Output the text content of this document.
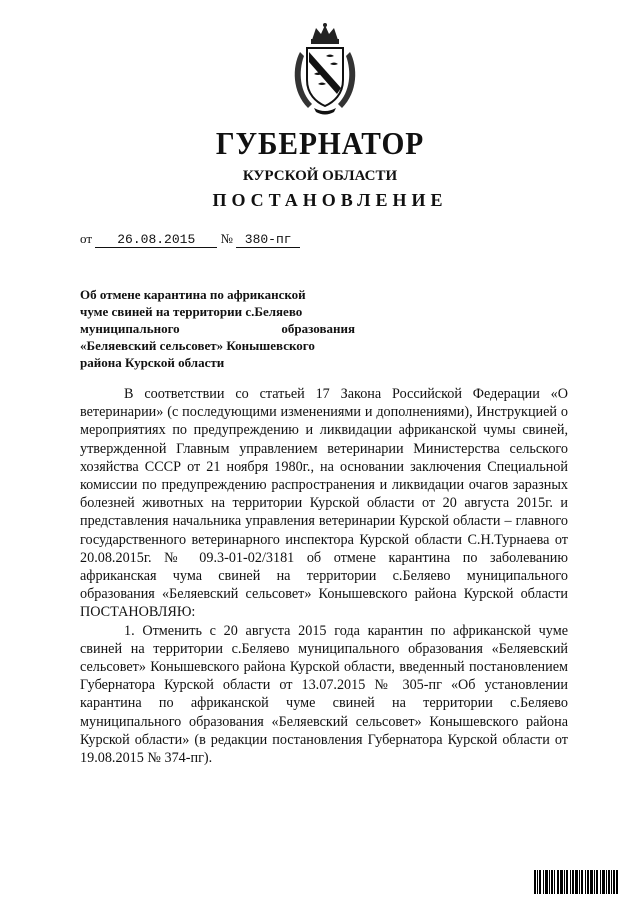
ГУБЕРНАТОР
КУРСКОЙ ОБЛАСТИ
ПОСТАНОВЛЕНИЕ
от 26.08.2015 № 380-пг
Об отмене карантина по африканской
чуме свиней на территории с.Беляево
муниципального образования
«Беляевский сельсовет» Конышевского
района Курской области

В соответствии со статьей 17 Закона Российской Федерации «О ветеринарии» (с последующими изменениями и дополнениями), Инструкцией о мероприятиях по предупреждению и ликвидации африканской чумы свиней, утвержденной Главным управлением ветеринарии Министерства сельского хозяйства СССР от 21 ноября 1980г., на основании заключения Специальной комиссии по предупреждению распространения и ликвидации очагов заразных болезней животных на территории Курской области от 20 августа 2015г. и представления начальника управления ветеринарии Курской области – главного государственного ветеринарного инспектора Курской области С.Н.Турнаева от 20.08.2015г. № 09.3-01-02/3181 об отмене карантина по заболеванию африканская чума свиней на территории с.Беляево муниципального образования «Беляевский сельсовет» Конышевского района Курской области ПОСТАНОВЛЯЮ:

1. Отменить с 20 августа 2015 года карантин по африканской чуме свиней на территории с.Беляево муниципального образования «Беляевский сельсовет» Конышевского района Курской области, введенный постановлением Губернатора Курской области от 13.07.2015 № 305-пг «Об установлении карантина по африканской чуме свиней на территории с.Беляево муниципального образования «Беляевский сельсовет» Конышевского района Курской области» (в редакции постановления Губернатора Курской области от 19.08.2015 № 374-пг).
